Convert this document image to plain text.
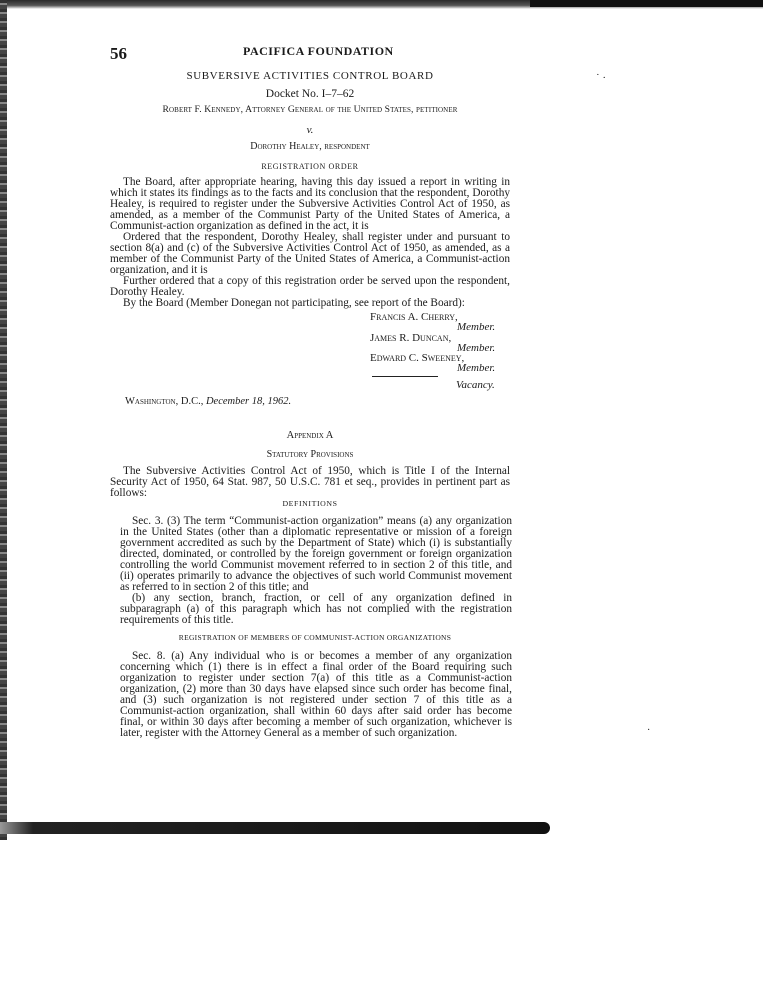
56	PACIFICA FOUNDATION
˙ ·
SUBVERSIVE ACTIVITIES CONTROL BOARD
Docket No. I–7–62
Robert F. Kennedy, Attorney General of the United States, petitioner
v.
Dorothy Healey, respondent
REGISTRATION ORDER

The Board, after appropriate hearing, having this day issued a report in writing in which it states its findings as to the facts and its conclusion that the respondent, Dorothy Healey, is required to register under the Subversive Activities Control Act of 1950, as amended, as a member of the Communist Party of the United States of America, a Communist-action organization as defined in the act, it is

Ordered that the respondent, Dorothy Healey, shall register under and pursuant to section 8(a) and (c) of the Subversive Activities Control Act of 1950, as amended, as a member of the Communist Party of the United States of America, a Communist-action organization, and it is

Further ordered that a copy of this registration order be served upon the respondent, Dorothy Healey.

By the Board (Member Donegan not participating, see report of the Board):

Francis A. Cherry,
Member.
James R. Duncan,
Member.
Edward C. Sweeney,
Member.
Vacancy.
Washington, D.C., December 18, 1962.
Appendix A
Statutory Provisions

The Subversive Activities Control Act of 1950, which is Title I of the Internal Security Act of 1950, 64 Stat. 987, 50 U.S.C. 781 et seq., provides in pertinent part as follows:

DEFINITIONS

Sec. 3. (3) The term “Communist-action organization” means (a) any organization in the United States (other than a diplomatic representative or mission of a foreign government accredited as such by the Department of State) which (i) is substantially directed, dominated, or controlled by the foreign government or foreign organization controlling the world Communist movement referred to in section 2 of this title, and (ii) operates primarily to advance the objectives of such world Communist movement as referred to in section 2 of this title; and

(b) any section, branch, fraction, or cell of any organization defined in subparagraph (a) of this paragraph which has not complied with the registration requirements of this title.

REGISTRATION OF MEMBERS OF COMMUNIST-ACTION ORGANIZATIONS

Sec. 8. (a) Any individual who is or becomes a member of any organization concerning which (1) there is in effect a final order of the Board requiring such organization to register under section 7(a) of this title as a Communist-action organization, (2) more than 30 days have elapsed since such order has become final, and (3) such organization is not registered under section 7 of this title as a Communist-action organization, shall within 60 days after said order has become final, or within 30 days after becoming a member of such organization, whichever is later, register with the Attorney General as a member of such organization.	·
